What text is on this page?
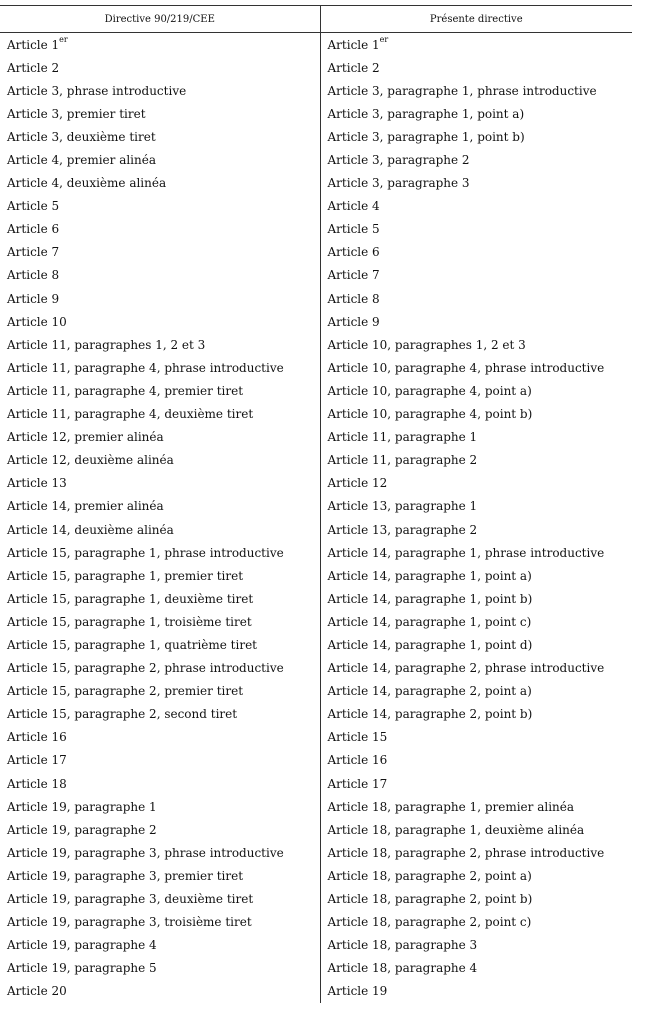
Directive 90/219/CEE	Présente directive
Article 1er	Article 1er
Article 2	Article 2
Article 3, phrase introductive	Article 3, paragraphe 1, phrase introductive
Article 3, premier tiret	Article 3, paragraphe 1, point a)
Article 3, deuxième tiret	Article 3, paragraphe 1, point b)
Article 4, premier alinéa	Article 3, paragraphe 2
Article 4, deuxième alinéa	Article 3, paragraphe 3
Article 5	Article 4
Article 6	Article 5
Article 7	Article 6
Article 8	Article 7
Article 9	Article 8
Article 10	Article 9
Article 11, paragraphes 1, 2 et 3	Article 10, paragraphes 1, 2 et 3
Article 11, paragraphe 4, phrase introductive	Article 10, paragraphe 4, phrase introductive
Article 11, paragraphe 4, premier tiret	Article 10, paragraphe 4, point a)
Article 11, paragraphe 4, deuxième tiret	Article 10, paragraphe 4, point b)
Article 12, premier alinéa	Article 11, paragraphe 1
Article 12, deuxième alinéa	Article 11, paragraphe 2
Article 13	Article 12
Article 14, premier alinéa	Article 13, paragraphe 1
Article 14, deuxième alinéa	Article 13, paragraphe 2
Article 15, paragraphe 1, phrase introductive	Article 14, paragraphe 1, phrase introductive
Article 15, paragraphe 1, premier tiret	Article 14, paragraphe 1, point a)
Article 15, paragraphe 1, deuxième tiret	Article 14, paragraphe 1, point b)
Article 15, paragraphe 1, troisième tiret	Article 14, paragraphe 1, point c)
Article 15, paragraphe 1, quatrième tiret	Article 14, paragraphe 1, point d)
Article 15, paragraphe 2, phrase introductive	Article 14, paragraphe 2, phrase introductive
Article 15, paragraphe 2, premier tiret	Article 14, paragraphe 2, point a)
Article 15, paragraphe 2, second tiret	Article 14, paragraphe 2, point b)
Article 16	Article 15
Article 17	Article 16
Article 18	Article 17
Article 19, paragraphe 1	Article 18, paragraphe 1, premier alinéa
Article 19, paragraphe 2	Article 18, paragraphe 1, deuxième alinéa
Article 19, paragraphe 3, phrase introductive	Article 18, paragraphe 2, phrase introductive
Article 19, paragraphe 3, premier tiret	Article 18, paragraphe 2, point a)
Article 19, paragraphe 3, deuxième tiret	Article 18, paragraphe 2, point b)
Article 19, paragraphe 3, troisième tiret	Article 18, paragraphe 2, point c)
Article 19, paragraphe 4	Article 18, paragraphe 3
Article 19, paragraphe 5	Article 18, paragraphe 4
Article 20	Article 19
